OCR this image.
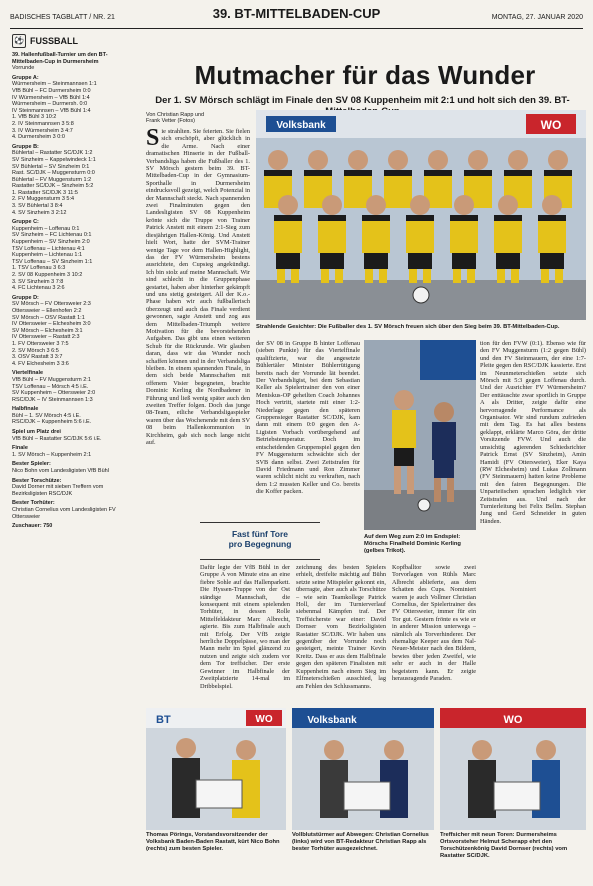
BADISCHES TAGBLATT / NR. 21	39. BT-MITTELBADEN-CUP	MONTAG, 27. JANUAR 2020
⚽ FUSSBALL
Mutmacher für das Wunder
Der 1. SV Mörsch schlägt im Finale den SV 08 Kuppenheim mit 2:1 und holt sich den 39. BT-
39. Hallenfußball-Turnier um den BT-Mittelbaden-Cup in Durmersheim
Vorrunde
Gruppe A:
Würmersheim – Steinmannsen 1:1
VfB Bühl – FC Durmersheim 0:0
IV Würmersheim – VfB Bühl 1:4
Würmersheim – Durmersh. 0:0
IV Steinmannsen – VfB Bühl 1:4
1. VfB Bühl 3 10:2
2. IV Steinmannsen 3 5:8
3. IV Würmersheim 3 4:7
4. Durmersheim 3 0:0
Gruppe B:
Bühlertal – Rastatter SC/DJK 1:2
SV Sinzheim – Kappelwindeck 1:1
SV Bühlertal – SV Sinzheim 0:1
Rast. SC/DJK – Muggensturm 0:0
Bühlertal – FV Muggensturm 1:2
Rastatter SC/DJK – Sinzheim 5:2
1. Rastatter SC/DJK 3 11:5
2. FV Muggensturm 3 5:4
3. SV Bühlertal 3 8:4
4. SV Sinzheim 3 2:12
Gruppe C:
Kuppenheim – Loffenau 0:1
SV Sinzheim – FC Lichtenau 0:1
Kuppenheim – SV Sinzheim 2:0
TSV Loffenau – Lichtenau 4:1
Kuppenheim – Lichtenau 1:1
TSV Loffenau – SV Sinzheim 1:1
1. TSV Loffenau 3 6:3
2. SV 08 Kuppenheim 3 10:2
3. SV Sinzheim 3 7:8
4. FC Lichtenau 3 2:6
Gruppe D:
SV Mörsch – FV Ottersweier 2:3
Ottersweier – Ellenhofen 2:2
SV Mörsch – OSV Rastatt 1:1
IV Ottersweier – Elchesheim 3:0
SV Mörsch – Elchesheim 3:1
IV Ottersweier – Rastatt 2:3
1. FV Ottersweier 3 7:5
2. SV Mörsch 3 6:5
3. OSV Rastatt 3 3:7
4. FV Elchesheim 3 3:6
Viertelfinale
VfB Bühl – FV Muggensturm 2:1
TSV Loffenau – Mörsch 4:5 i.E.
SV Kuppenheim – Ottersweier 2:0
RSC/DJK – IV Steinmannsen 1:3
Halbfinale
Bühl – 1. SV Mörsch 4:5 i.E.
RSC/DJK – Kuppenheim 5:6 i.E.
Spiel um Platz drei
VfB Bühl – Rastatter SC/DJK 5:6 i.E.
Finale
1. SV Mörsch – Kuppenheim 2:1
Bester Spieler:
Nico Bohn vom Landesligisten VfB Bühl
Bester Torschütze:
David Dorner mit sieben Treffern vom Bezirksligisten RSC/DJK
Bester Torhüter:
Christian Cornelius vom Landesligisten FV Ottersweier
Zuschauer: 750
Von Christian Rapp und
Frank Vetter (Fotos)	Volksbank	WO
Strahlende Gesichter: Die Fußballer des 1. SV Mörsch freuen sich über den Sieg beim 39. BT-Mittelbaden-Cup.
Sie strahlten. Sie feierten. Sie fielen sich erschöpft, aber glücklich in die Arme. Nach einer dramatischen Hinserie in der Fußball-Verbandsliga haben die Fußballer des 1. SV Mörsch gestern beim 39. BT-Mittelbaden-Cup in der Gymnasium-Sporthalle in Durmersheim eindrucksvoll gezeigt, welch Potenzial in der Mannschaft steckt. Nach spannenden zwei Finalminuten gegen den Landesligisten SV 08 Kuppenheim krönte sich die Truppe von Trainer Patrick Anstett mit einem 2:1-Sieg zum diesjährigen Hallen-König. Und Anstett hielt Wort, hatte der SVM-Trainer wenige Tage vor dem Hallen-Highlight, das der FV Würmersheim bestens ausrichtete, den Cupsieg angekündigt. Ich bin stolz auf meine Mannschaft. Wir sind schlecht in die Gruppenphase gestartet, haben aber hinterher gekämpft und uns stetig gesteigert. All der K.o.-Phase haben wir auch fußballerisch überzeugt und auch das Finale verdient gewonnen, sagte Anstett und zog aus dem Mittelbaden-Triumph weitere Motivation für die bevorstehenden Aufgaben. Das gibt uns einen weiteren Schub für die Rückrunde. Wir glauben daran, dass wir das Wunder noch schaffen können und in der Verbandsliga bleiben. In einem spannenden Finale, in dem sich beide Mannschaften mit offenem Visier begegneten, brachte Dominic Kerling die Nordbadener in Führung und ließ wenig später auch den zweiten Treffer folgen. Doch das junge 08-Team, etliche Verbandsligaspieler waren über das Wochenende mit dem SV 08 beim Hallenkommunion in Kirchheim, gab sich noch lange nicht auf.
der SV 08 in Gruppe B hinter Loffenau (sieben Punkte) für das Viertelfinale qualifizierte, war die angesetzte Bühlertäler Minister Bühlerrütigung bereits nach der Vorrunde lät beendet. Der Verbandsligist, bei dem Sebastian Keller als Spielertrainer den von einer Meniskus-OP geheilten Coach Johannes Hoch vertritt, startete mit einer 1:2-Niederlage gegen den späteren Gruppensieger Rastatter SC/DJK, kam dann mit einem 0:0 gegen den A-Ligisten Vorbach vorübergehend auf Betriebstemperatur. Doch im entscheidenden Gruppenspiel gegen den FV Muggensturm schwächte sich der SVB dann selbst. Zwei Zeitstrafen für David Friedmann und Ron Zimmer waren schlicht nicht zu verkraften, nach dem 1:2 mussten Keller und Co. bereits die Koffer packen.
tion für den FVW (0:1). Ebenso wie für den FV Muggensturm (1:2 gegen Bühl) und den FV Steinmauern, der eine 1:7-Pleite gegen den RSC/DJK kassierte. Erst im Neunmeterschießen setzte sich Mörsch mit 5:3 gegen Loffenau durch. Und der Ausrichter FV Würmersheim? Der enttäuschte zwar sportlich in Gruppe A als Dritter, zeigte dafür eine hervorragende Performance als Organisator. Wir sind rundum zufrieden mit dem Tag. Es hat alles bestens geklappt, erklärte Marco Göra, der dritte Vorsitzende FVW. Und auch die umsichtig agierenden Schiedsrichter Patrick Ernst (SV Sinzheim), Amin Hamidi (FV Ottersweier), Eker Kaya (RW Elchesheim) und Lukas Zollmann (FV Steinmauern) hatten keine Probleme mit den fairen Begegnungen. Die Unparteiischen sprachen lediglich vier Zeitstrafen aus. Und nach der Turnierleitung bei Felix Bellm. Stephan Jung und Gerd Schneider in guten Händen.
Auf dem Weg zum 2:0 im Endspiel: Mörschs Finalheld Dominic Kerling (gelbes Trikot).
Fast fünf Tore
pro Begegnung
Dafür legte der VfB Bühl in der Gruppe A von Minute eins an eine fiebre Sohle auf das Hallenparkett. Die Hyssen-Truppe von der Ost ständige Mannschaft, die konsequent mit einem spielenden Torhüter, in dessen Rolle Mittelfeldakteur Marc Albrecht, agierte. Bis zum Halbfinale auch mit Erfolg. Der VfB zeigte herrliche Doppelpässe, wo man der Mann mehr im Spiel glänzend zu nutzen und zeigte sich zudem vor dem Tor treffsicher. Der erste Gewinner im Halbfinale der Zweitplatzierte 14-mal im Dribbelspiel.
zeichnung des besten Spielers erhielt, dreifelte mächtig auf Bühn setzte seine Mitspieler gekonnt ein, überragte, aber auch als Torschütze – wie sein Teamkollege Patrick Holl, der im Turnierverlauf siebenmal Kämpfen traf. Der Treffsicherste war einer: David Dornser vom Bezirksligisten Rastatter SC/DJK. Wir haben uns gegenüber der Vorrunde noch gesteigert, meinte Trainer Kevin Kreitz. Dass er aus dem Halbfinale gegen den späteren Finalisten mit Kuppenheim nach einem Sieg im Elfmeterschießen ausschied, lag am Fehlen des Schlussmanns.
Kopfballtor sowie zwei Torvorlagen von Rühls Marc Albrecht ablieferte, aus dem Schatten des Cups. Nominiert waren je auch Vollmer Christian Cornelius, der Spielertrainer des FV Ottersweier, immer für ein Tor gut. Gestern frönte es wie er in anderer Mission unterwegs – nämlich als Torverhinderer. Der ehemalige Keeper aus dem Nal-Neuer-Meister nach den Bildern, bewies über jeden Zweifel, wie sehr er auch in der Halle begeistern kann. Er zeigte herausragende Paraden.
BT	WO
Thomas Pörings, Vorstandsvorsitzender der Volksbank Baden-Baden Rastatt, kürt Nico Bohn (rechts) zum besten Spieler.
Volksbank
Vollblutstürmer auf Abwegen: Christian Cornelius (links) wird von BT-Redakteur Christian Rapp als bester Torhüter ausgezeichnet.
WO
Treffsicher mit neun Toren: Durmersheims Ortsvorsteher Helmut Scherapp ehrt den Torschützenkönig David Dornser (rechts) vom Rastatter SC/DJK.
